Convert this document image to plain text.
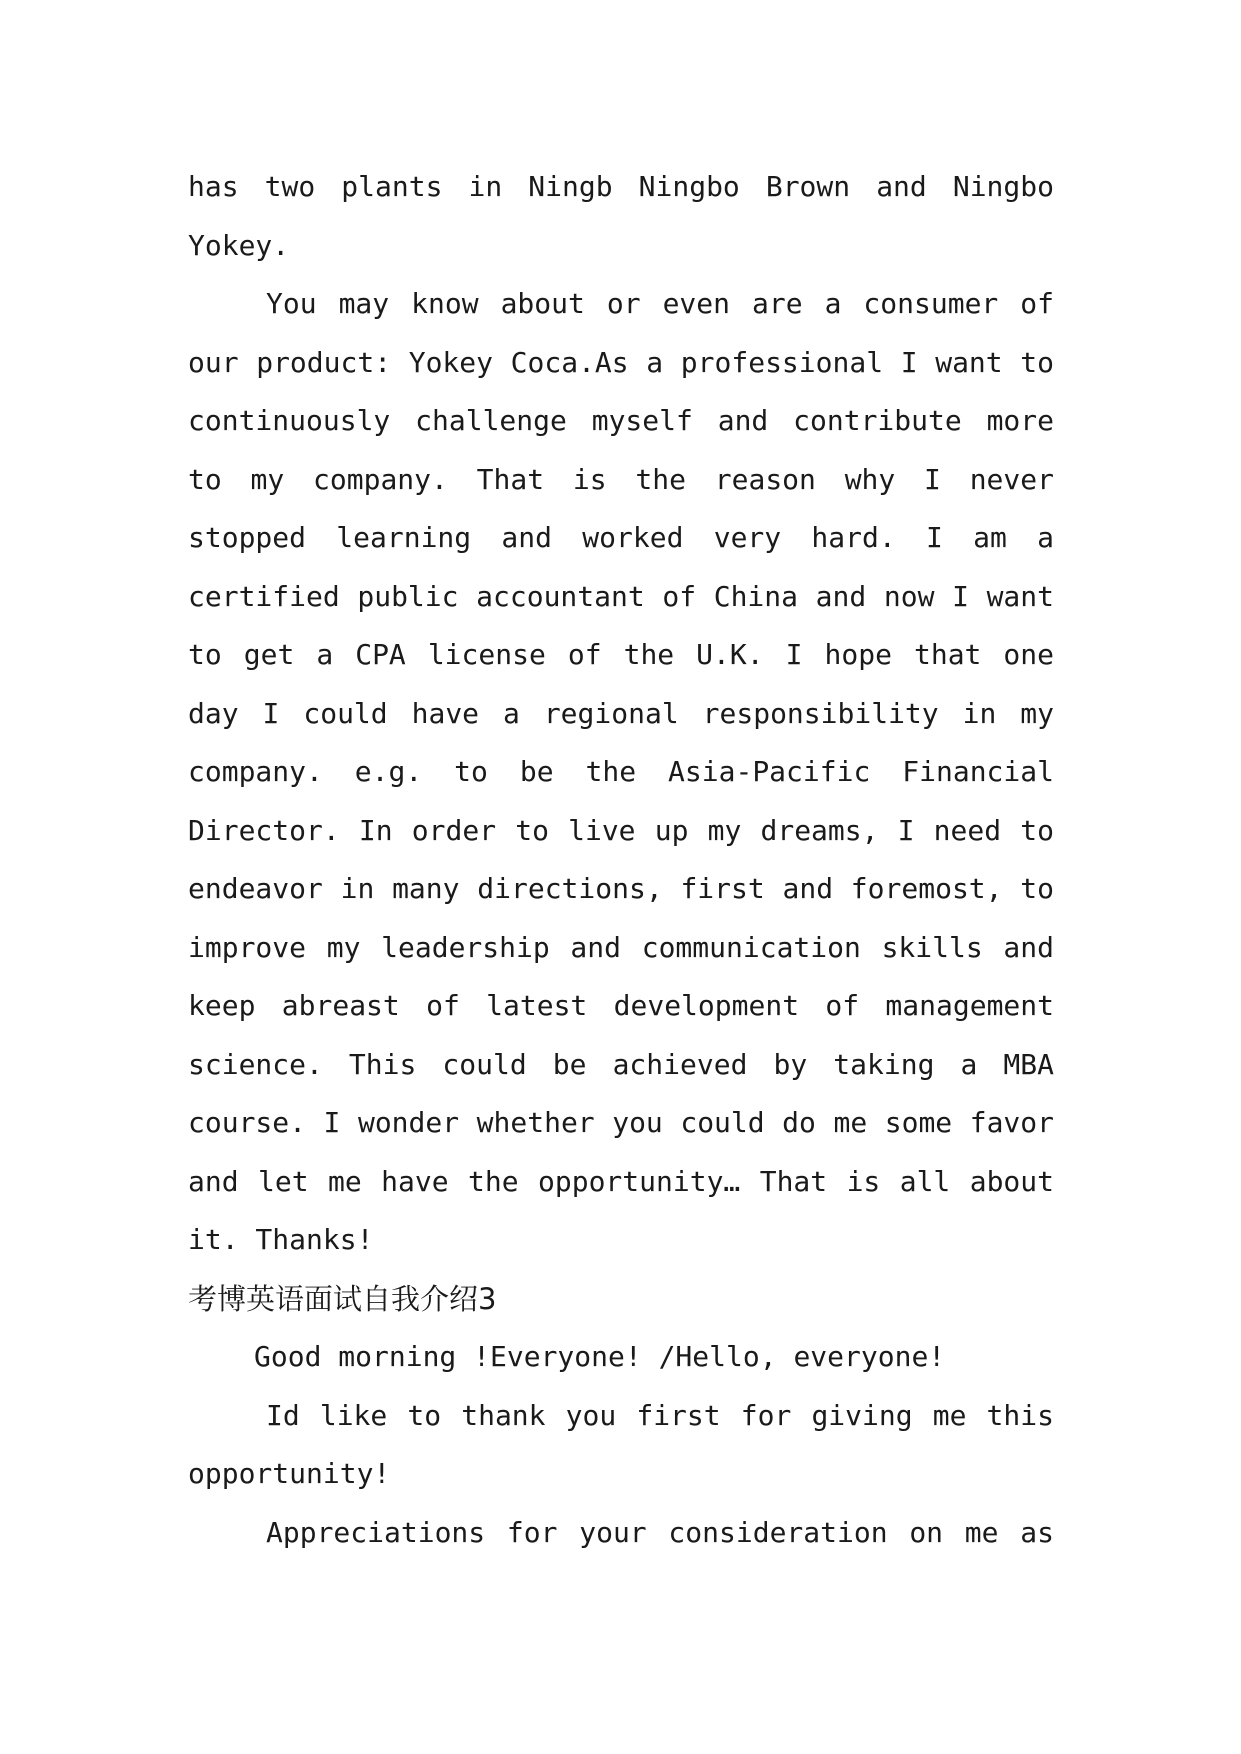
has two plants in Ningb Ningbo Brown and Ningbo Yokey.

You may know about or even are a consumer of our product: Yokey Coca.As a professional I want to continuously challenge myself and contribute more to my company. That is the reason why I never stopped learning and worked very hard. I am a certified public accountant of China and now I want to get a CPA license of the U.K. I hope that one day I could have a regional responsibility in my company. e.g. to be the Asia-Pacific Financial Director. In order to live up my dreams, I need to endeavor in many directions, first and foremost, to improve my leadership and communication skills and keep abreast of latest development of management science. This could be achieved by taking a MBA course. I wonder whether you could do me some favor and let me have the opportunity… That is all about it. Thanks!

考博英语面试自我介绍3

Good morning !Everyone! /Hello, everyone!

Id like to thank you first for giving me this opportunity!

Appreciations for your consideration on me as
